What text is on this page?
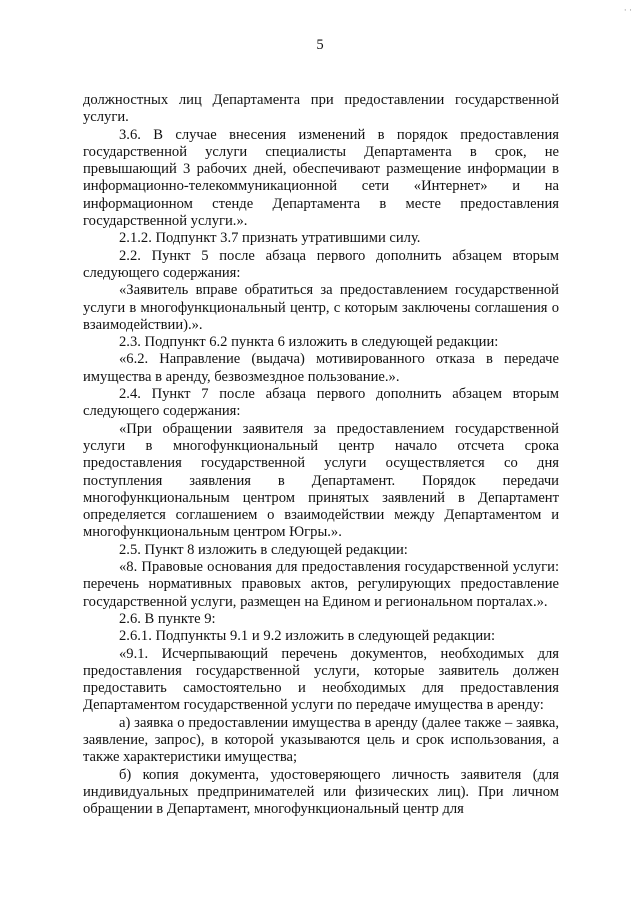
· ·
5

должностных лиц Департамента при предоставлении государственной услуги.

3.6. В случае внесения изменений в порядок предоставления государственной услуги специалисты Департамента в срок, не превышающий 3 рабочих дней, обеспечивают размещение информации в информационно-телекоммуникационной сети «Интернет» и на информационном стенде Департамента в месте предоставления государственной услуги.».

2.1.2. Подпункт 3.7 признать утратившими силу.

2.2. Пункт 5 после абзаца первого дополнить абзацем вторым следующего содержания:

«Заявитель вправе обратиться за предоставлением государственной услуги в многофункциональный центр, с которым заключены соглашения о взаимодействии).».

2.3. Подпункт 6.2 пункта 6 изложить в следующей редакции:

«6.2. Направление (выдача) мотивированного отказа в передаче имущества в аренду, безвозмездное пользование.».

2.4. Пункт 7 после абзаца первого дополнить абзацем вторым следующего содержания:

«При обращении заявителя за предоставлением государственной услуги в многофункциональный центр начало отсчета срока предоставления государственной услуги осуществляется со дня поступления заявления в Департамент. Порядок передачи многофункциональным центром принятых заявлений в Департамент определяется соглашением о взаимодействии между Департаментом и многофункциональным центром Югры.».

2.5. Пункт 8 изложить в следующей редакции:

«8. Правовые основания для предоставления государственной услуги: перечень нормативных правовых актов, регулирующих предоставление государственной услуги, размещен на Едином и региональном порталах.».

2.6. В пункте 9:

2.6.1. Подпункты 9.1 и 9.2 изложить в следующей редакции:

«9.1. Исчерпывающий перечень документов, необходимых для предоставления государственной услуги, которые заявитель должен предоставить самостоятельно и необходимых для предоставления Департаментом государственной услуги по передаче имущества в аренду:

а) заявка о предоставлении имущества в аренду (далее также – заявка, заявление, запрос), в которой указываются цель и срок использования, а также характеристики имущества;

б) копия документа, удостоверяющего личность заявителя (для индивидуальных предпринимателей или физических лиц). При личном обращении в Департамент, многофункциональный центр для
